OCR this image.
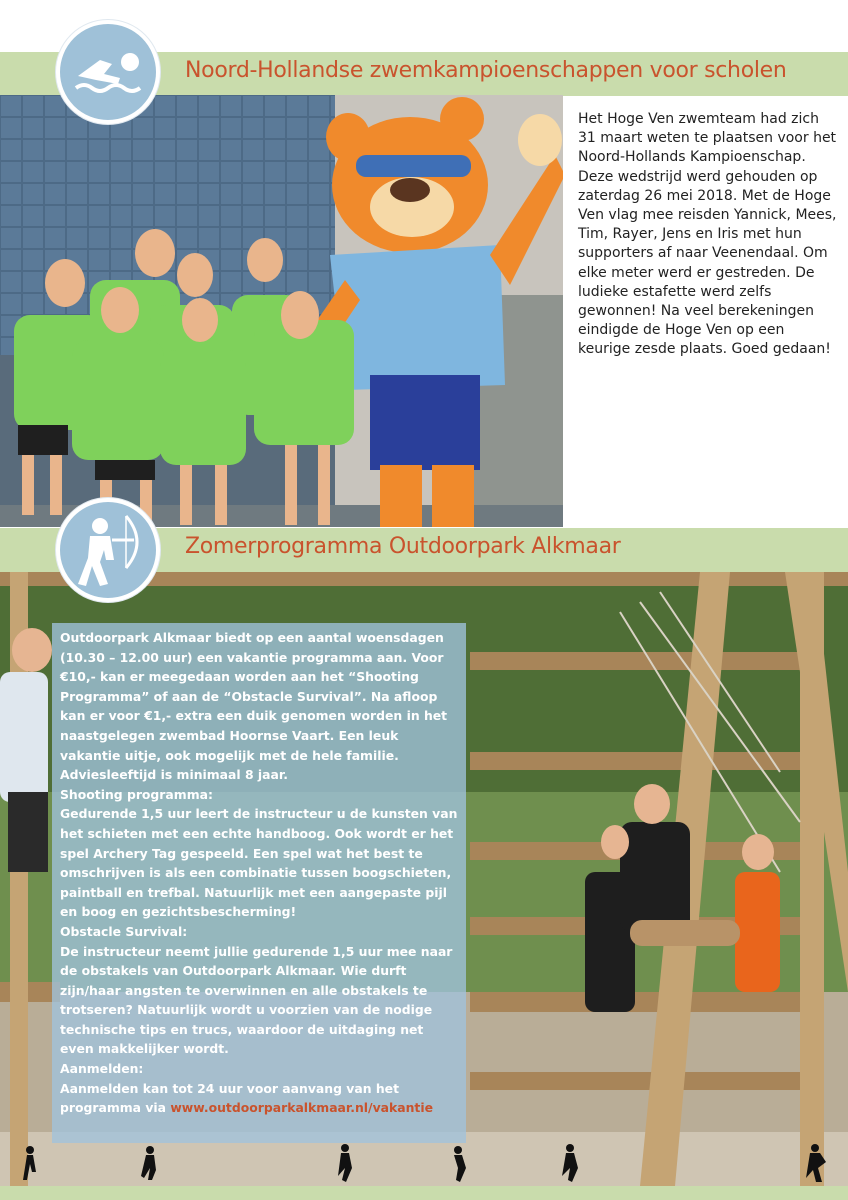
Noord-Hollandse zwemkampioenschappen voor scholen
Het Hoge Ven zwemteam had zich 31 maart weten te plaatsen voor het Noord-Hollands Kampioenschap. Deze wedstrijd werd gehouden op zaterdag 26 mei 2018. Met de Hoge Ven vlag mee reisden Yannick, Mees, Tim, Rayer, Jens en Iris met hun supporters af naar Veenendaal. Om elke meter werd er gestreden. De ludieke estafette werd zelfs gewonnen! Na veel berekeningen eindigde de Hoge Ven op een keurige zesde plaats. Goed gedaan!
Zomerprogramma Outdoorpark Alkmaar

Outdoorpark Alkmaar biedt op een aantal woensdagen (10.30 – 12.00 uur) een vakantie programma aan. Voor €10,- kan er meegedaan worden aan het “Shooting Programma” of aan de “Obstacle Survival”. Na afloop kan er voor €1,- extra een duik genomen worden in het naastgelegen zwembad Hoornse Vaart. Een leuk vakantie uitje, ook mogelijk met de hele familie. Adviesleeftijd is minimaal 8 jaar.

Shooting programma:

Gedurende 1,5 uur leert de instructeur u de kunsten van het schieten met een echte handboog. Ook wordt er het spel Archery Tag gespeeld. Een spel wat het best te omschrijven is als een combinatie tussen boogschieten, paintball en trefbal. Natuurlijk met een aangepaste pijl en boog en gezichtsbescherming!

Obstacle Survival:

De instructeur neemt jullie gedurende 1,5 uur mee naar de obstakels van Outdoorpark Alkmaar. Wie durft zijn/haar angsten te overwinnen en alle obstakels te trotseren? Natuurlijk wordt u voorzien van de nodige technische tips en trucs, waardoor de uitdaging net even makkelijker wordt.

Aanmelden:

Aanmelden kan tot 24 uur voor aanvang van het programma via www.outdoorparkalkmaar.nl/vakantie
